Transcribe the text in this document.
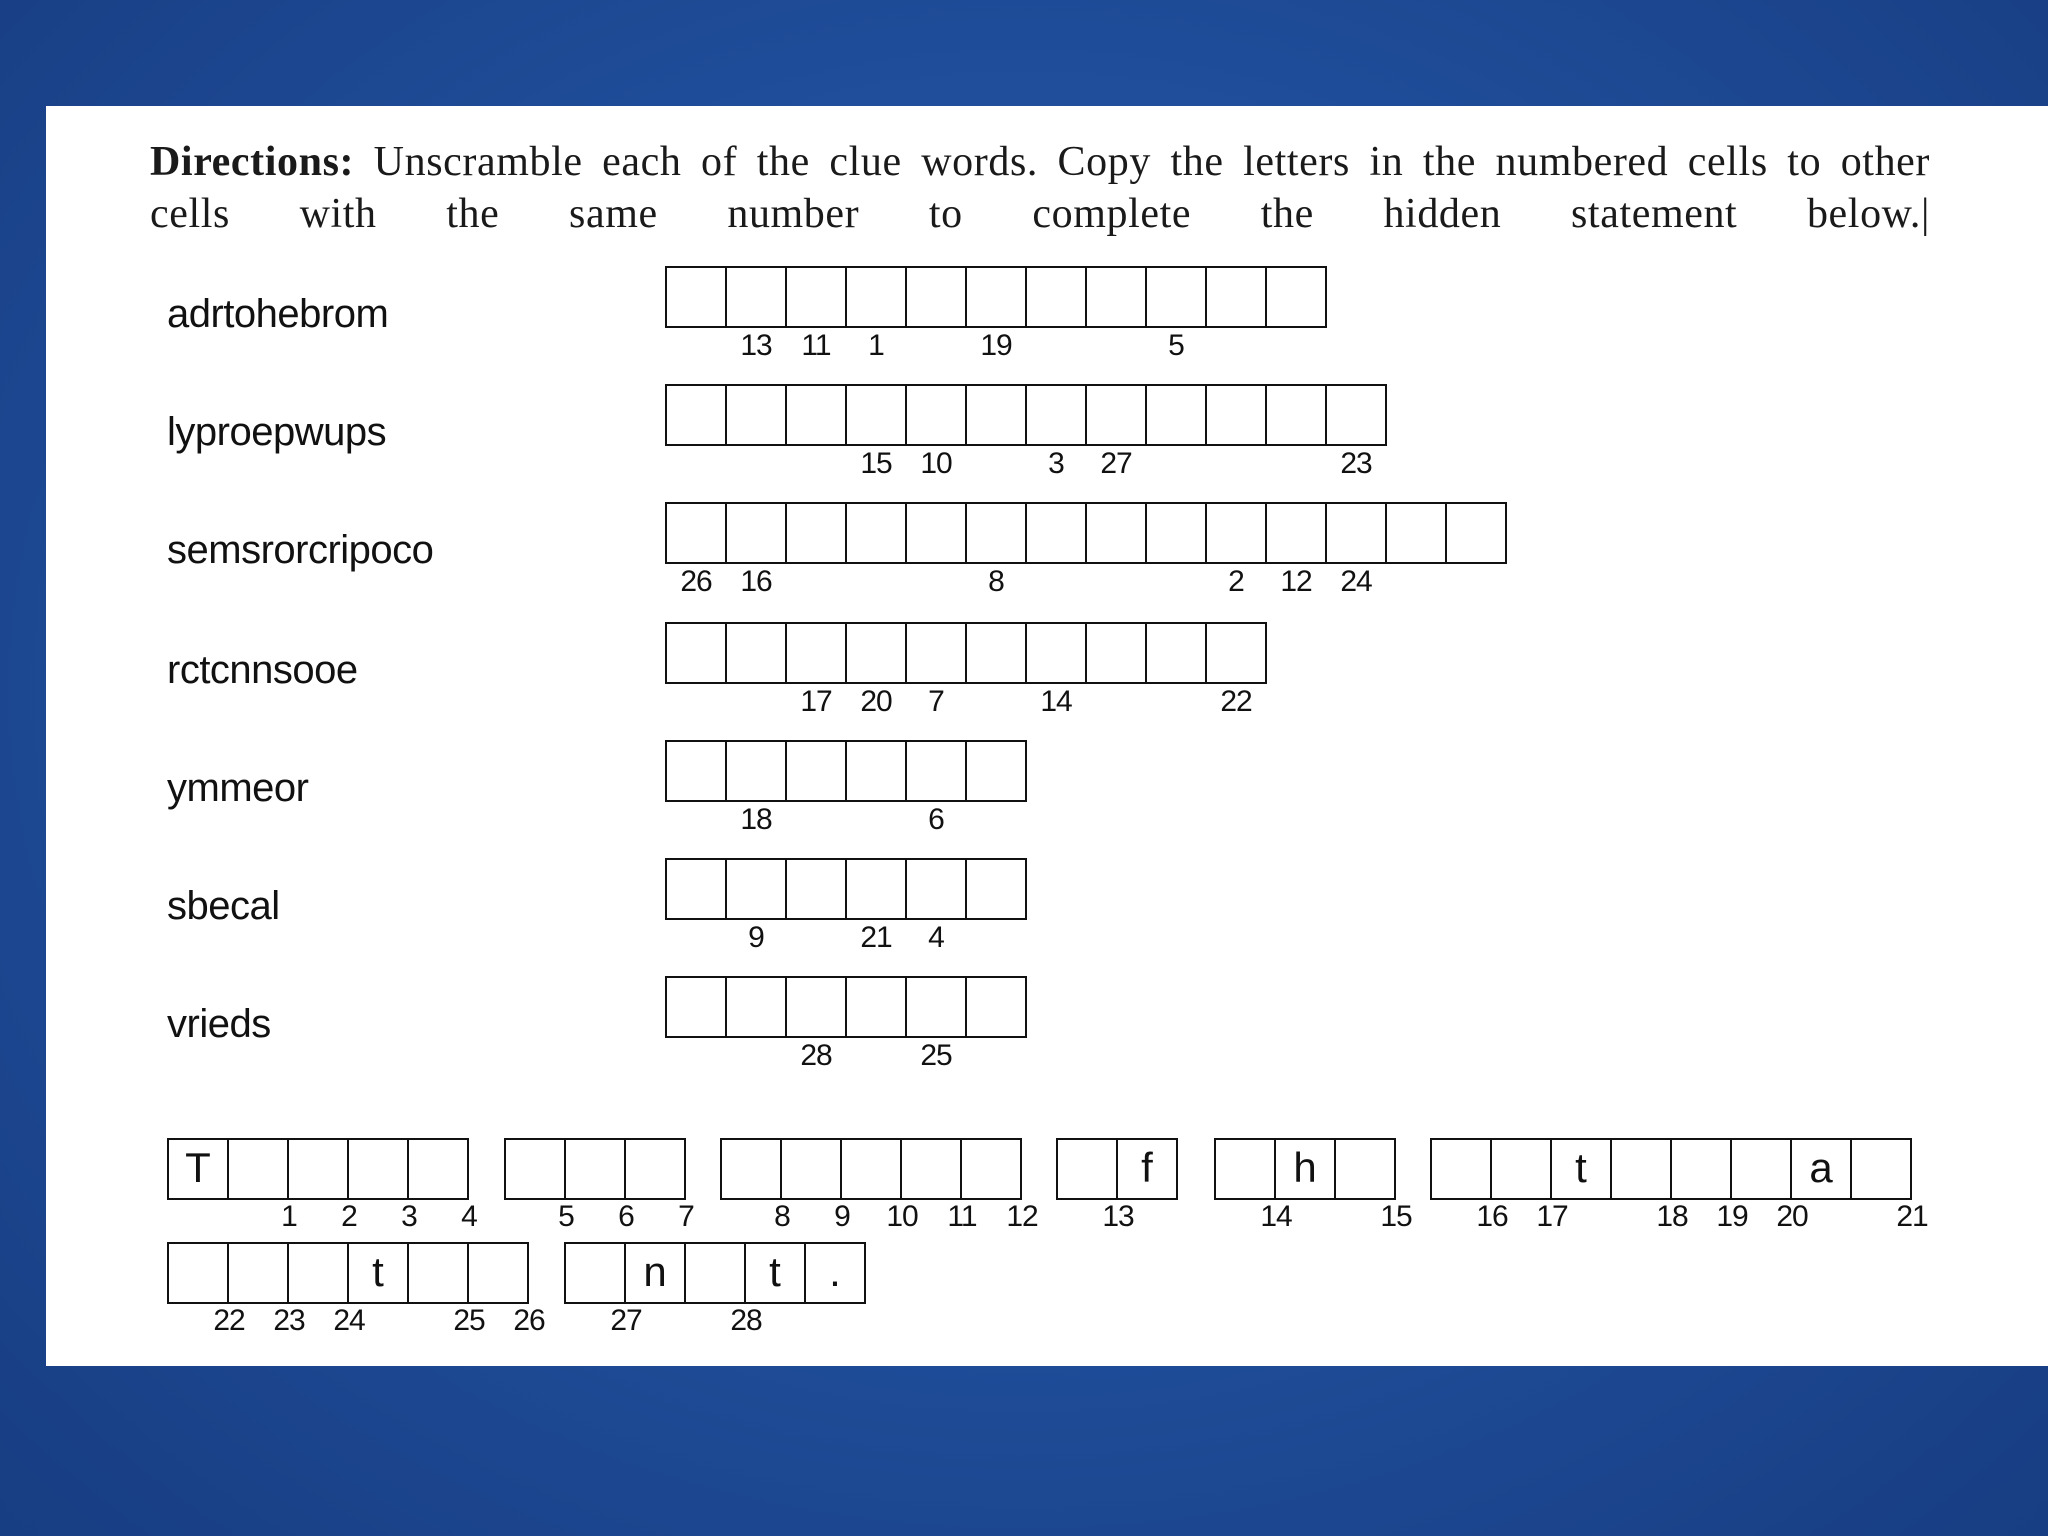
Directions: Unscramble each of the clue words. Copy the letters in the numbered cells to other cells with the same number to complete the hidden statement below.|
adrtohebrom
lyproepwups
semsrorcripoco
rctcnnsooe
ymmeor
sbecal
vrieds
13 11	1	19	5
15 10	3	27	23
26 16	8	2	12 24
17 20	7	14	22
18	6
9	21	4
28	25
T
1	2	3	4	5	6	7	8	9	10 11 12	13
f
14
h
15	16 17
t
18 19 20
a
21
22 23 24
t
25 26	27
n
28
t	.
